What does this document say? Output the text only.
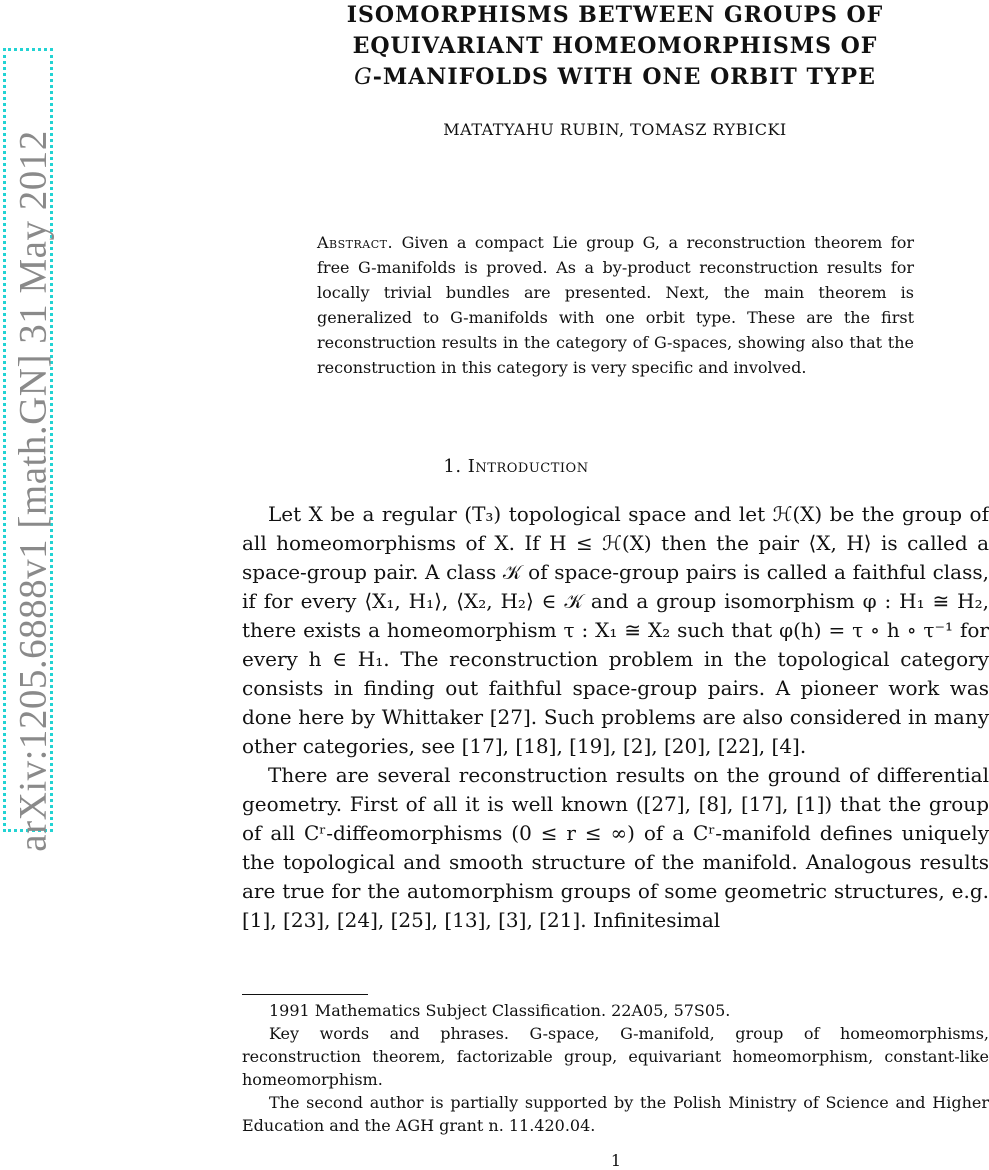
arXiv:1205.6888v1 [math.GN] 31 May 2012
ISOMORPHISMS BETWEEN GROUPS OF
EQUIVARIANT HOMEOMORPHISMS OF
G-MANIFOLDS WITH ONE ORBIT TYPE
MATATYAHU RUBIN, TOMASZ RYBICKI

Abstract. Given a compact Lie group G, a reconstruction theorem for free G-manifolds is proved. As a by-product reconstruction results for locally trivial bundles are presented. Next, the main theorem is generalized to G-manifolds with one orbit type. These are the first reconstruction results in the category of G-spaces, showing also that the reconstruction in this category is very specific and involved.

1. Introduction

Let X be a regular (T₃) topological space and let ℋ(X) be the group of all homeomorphisms of X. If H ≤ ℋ(X) then the pair ⟨X, H⟩ is called a space-group pair. A class 𝒦 of space-group pairs is called a faithful class, if for every ⟨X₁, H₁⟩, ⟨X₂, H₂⟩ ∈ 𝒦 and a group isomorphism φ : H₁ ≅ H₂, there exists a homeomorphism τ : X₁ ≅ X₂ such that φ(h) = τ ∘ h ∘ τ⁻¹ for every h ∈ H₁. The reconstruction problem in the topological category consists in finding out faithful space-group pairs. A pioneer work was done here by Whittaker [27]. Such problems are also considered in many other categories, see [17], [18], [19], [2], [20], [22], [4].

There are several reconstruction results on the ground of differential geometry. First of all it is well known ([27], [8], [17], [1]) that the group of all Cʳ-diffeomorphisms (0 ≤ r ≤ ∞) of a Cʳ-manifold defines uniquely the topological and smooth structure of the manifold. Analogous results are true for the automorphism groups of some geometric structures, e.g. [1], [23], [24], [25], [13], [3], [21]. Infinitesimal

1991 Mathematics Subject Classification. 22A05, 57S05.

Key words and phrases. G-space, G-manifold, group of homeomorphisms, reconstruction theorem, factorizable group, equivariant homeomorphism, constant-like homeomorphism.

The second author is partially supported by the Polish Ministry of Science and Higher Education and the AGH grant n. 11.420.04.

1
